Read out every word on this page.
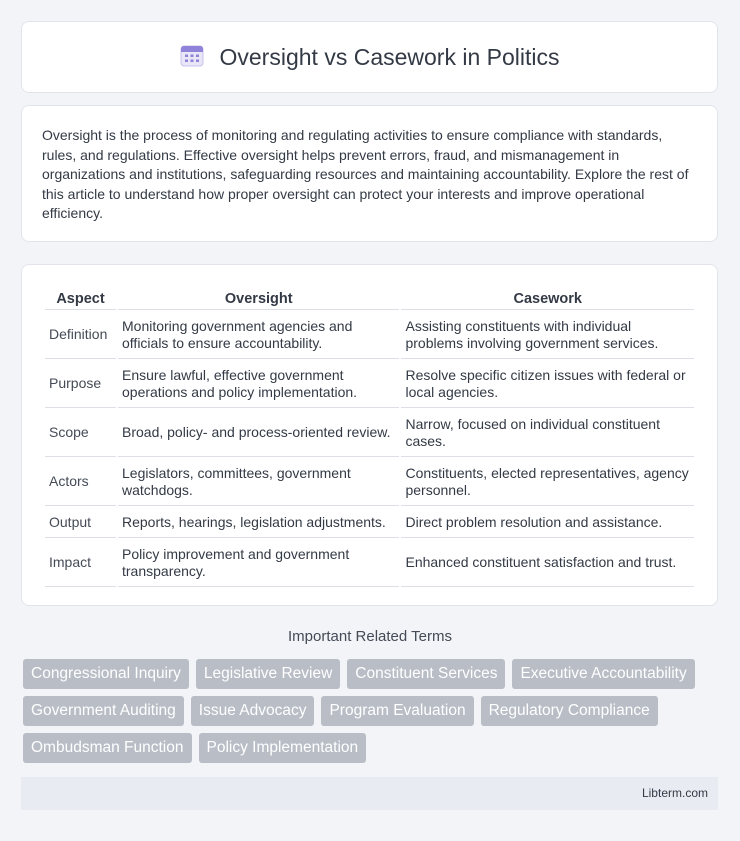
Oversight vs Casework in Politics

Oversight is the process of monitoring and regulating activities to ensure compliance with standards, rules, and regulations. Effective oversight helps prevent errors, fraud, and mismanagement in organizations and institutions, safeguarding resources and maintaining accountability. Explore the rest of this article to understand how proper oversight can protect your interests and improve operational efficiency.

Aspect	Oversight	Casework
Definition	Monitoring government agencies and officials to ensure accountability.	Assisting constituents with individual problems involving government services.
Purpose	Ensure lawful, effective government operations and policy implementation.	Resolve specific citizen issues with federal or local agencies.
Scope	Broad, policy- and process-oriented review.	Narrow, focused on individual constituent cases.
Actors	Legislators, committees, government watchdogs.	Constituents, elected representatives, agency personnel.
Output	Reports, hearings, legislation adjustments.	Direct problem resolution and assistance.
Impact	Policy improvement and government transparency.	Enhanced constituent satisfaction and trust.
Important Related Terms
Congressional Inquiry	Legislative Review	Constituent Services	Executive Accountability
Government Auditing	Issue Advocacy	Program Evaluation	Regulatory Compliance
Ombudsman Function	Policy Implementation
Libterm.com
